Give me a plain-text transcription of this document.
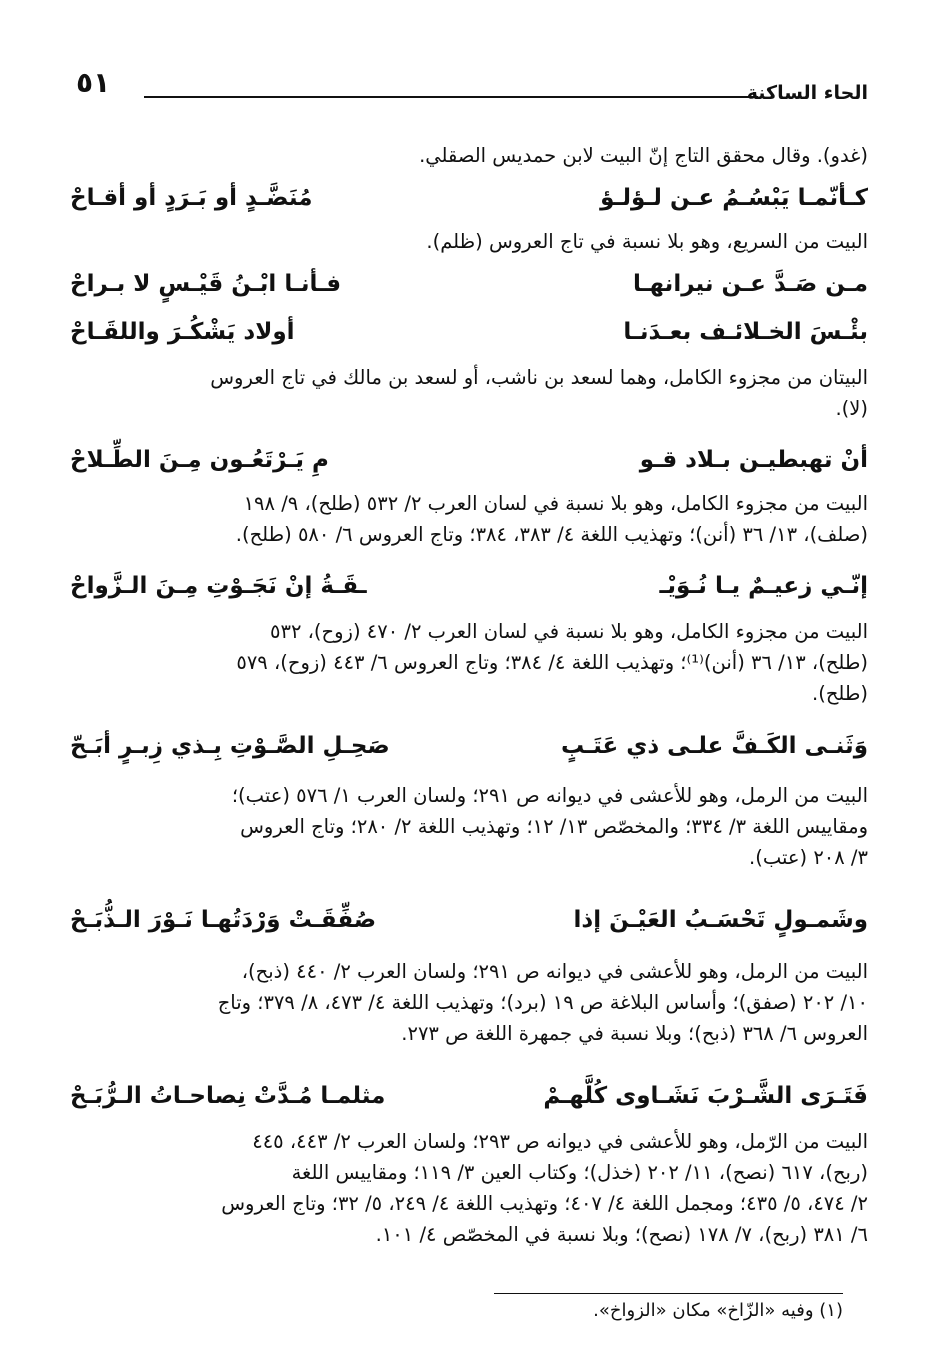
الحاء الساكنة
٥١
(غدو). وقال محقق التاج إنّ البيت لابن حمديس الصقلي.
كـأنّمـا يَبْسُـمُ عـن لـؤلـؤ
مُنَضَّـدٍ أو بَـرَدٍ أو أقـاحْ
البيت من السريع، وهو بلا نسبة في تاج العروس (ظلم).
مـن صَـدَّ عـن نيرانهـا
فـأنـا ابْـنُ قَيْـسٍ لا بـراحْ
بئْـسَ الخـلائـف بعـدَنـا
أولاد يَشْكُـرَ واللقَـاحْ
البيتان من مجزوء الكامل، وهما لسعد بن ناشب، أو لسعد بن مالك في تاج العروس
(لا).
أنْ تهبطيـن بـلاد قـو
مِ يَـرْتَعُـون مِـنَ الطِّـلاحْ
البيت من مجزوء الكامل، وهو بلا نسبة في لسان العرب ٢/ ٥٣٢ (طلح)، ٩/ ١٩٨
(صلف)، ١٣/ ٣٦ (أنن)؛ وتهذيب اللغة ٤/ ٣٨٣، ٣٨٤؛ وتاج العروس ٦/ ٥٨٠ (طلح).
إنّـي زعيـمٌ يـا نُـوَيْـ
ـقَـةُ إنْ نَجَـوْتِ مِـنَ الـزَّواحْ
البيت من مجزوء الكامل، وهو بلا نسبة في لسان العرب ٢/ ٤٧٠ (زوح)، ٥٣٢
(طلح)، ١٣/ ٣٦ (أنن)⁽¹⁾؛ وتهذيب اللغة ٤/ ٣٨٤؛ وتاج العروس ٦/ ٤٤٣ (زوح)، ٥٧٩
(طلح).
وَثَنـى الكَـفَّ علـى ذي عَتَـبٍ
صَحِـلِ الصَّـوْتِ بِـذي زِبـرٍ أبَـحّ
البيت من الرمل، وهو للأعشى في ديوانه ص ٢٩١؛ ولسان العرب ١/ ٥٧٦ (عتب)؛
ومقاييس اللغة ٣/ ٣٣٤؛ والمخصّص ١٣/ ١٢؛ وتهذيب اللغة ٢/ ٢٨٠؛ وتاج العروس
٣/ ٢٠٨ (عتب).
وشَمـولٍ تَحْسَـبُ العَيْـنَ إذا
صُفِّقَـتْ وَرْدَتُهـا نَـوْرَ الـذُّبَـحْ
البيت من الرمل، وهو للأعشى في ديوانه ص ٢٩١؛ ولسان العرب ٢/ ٤٤٠ (ذبح)،
١٠/ ٢٠٢ (صفق)؛ وأساس البلاغة ص ١٩ (برد)؛ وتهذيب اللغة ٤/ ٤٧٣، ٨/ ٣٧٩؛ وتاج
العروس ٦/ ٣٦٨ (ذبح)؛ وبلا نسبة في جمهرة اللغة ص ٢٧٣.
فَتَـرَى الشَّـرْبَ نَشَـاوى كُلَّهـمْ
مثلمـا مُـدَّتْ نِصاحـاتُ الـرُّبَـحْ
البيت من الرّمل، وهو للأعشى في ديوانه ص ٢٩٣؛ ولسان العرب ٢/ ٤٤٣، ٤٤٥
(ربح)، ٦١٧ (نصح)، ١١/ ٢٠٢ (خذل)؛ وكتاب العين ٣/ ١١٩؛ ومقاييس اللغة
٢/ ٤٧٤، ٥/ ٤٣٥؛ ومجمل اللغة ٤/ ٤٠٧؛ وتهذيب اللغة ٤/ ٢٤٩، ٥/ ٣٢؛ وتاج العروس
٦/ ٣٨١ (ربح)، ٧/ ١٧٨ (نصح)؛ وبلا نسبة في المخصّص ٤/ ١٠١.
(١) وفيه «الزّاخ» مكان «الزواخ».
